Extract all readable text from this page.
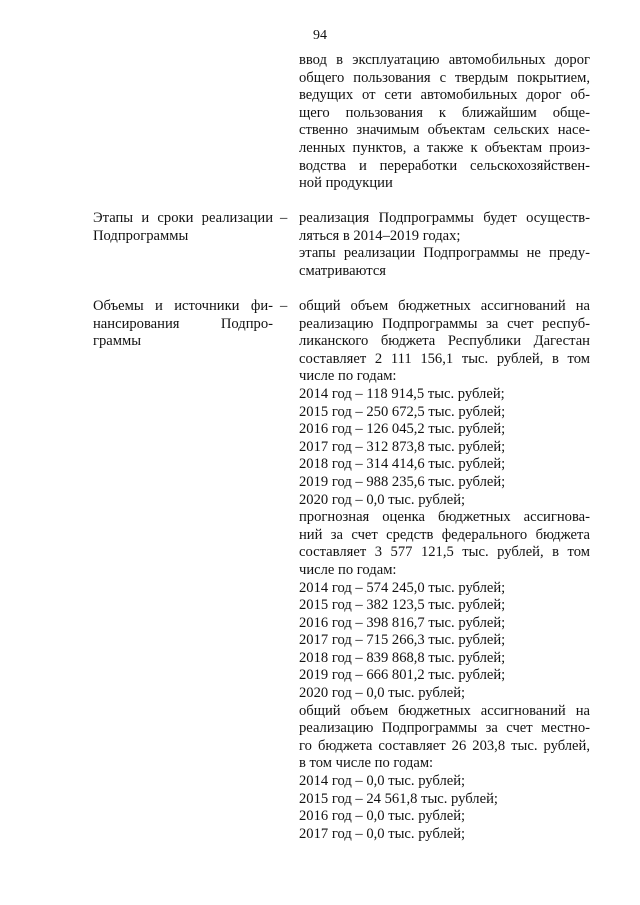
94
ввод в эксплуатацию автомобильных дорог
общего пользования с твердым покрытием,
ведущих от сети автомобильных дорог об-
щего пользования к ближайшим обще-
ственно значимым объектам сельских насе-
ленных пунктов, а также к объектам произ-
водства и переработки сельскохозяйствен-
ной продукции
Этапы и сроки реализации
Подпрограммы
– реализация Подпрограммы будет осуществ-
ляться в 2014–2019 годах;
этапы реализации Подпрограммы не преду-
сматриваются
Объемы и источники фи-
нансирования Подпро-
граммы
– общий объем бюджетных ассигнований на
реализацию Подпрограммы за счет респуб-
ликанского бюджета Республики Дагестан
составляет 2 111 156,1 тыс. рублей, в том
числе по годам:
2014 год – 118 914,5 тыс. рублей;
2015 год – 250 672,5 тыс. рублей;
2016 год – 126 045,2 тыс. рублей;
2017 год – 312 873,8 тыс. рублей;
2018 год – 314 414,6 тыс. рублей;
2019 год – 988 235,6 тыс. рублей;
2020 год – 0,0 тыс. рублей;
прогнозная оценка бюджетных ассигнова-
ний за счет средств федерального бюджета
составляет 3 577 121,5 тыс. рублей, в том
числе по годам:
2014 год – 574 245,0 тыс. рублей;
2015 год – 382 123,5 тыс. рублей;
2016 год – 398 816,7 тыс. рублей;
2017 год – 715 266,3 тыс. рублей;
2018 год – 839 868,8 тыс. рублей;
2019 год – 666 801,2 тыс. рублей;
2020 год – 0,0 тыс. рублей;
общий объем бюджетных ассигнований на
реализацию Подпрограммы за счет местно-
го бюджета составляет 26 203,8 тыс. рублей,
в том числе по годам:
2014 год – 0,0 тыс. рублей;
2015 год – 24 561,8 тыс. рублей;
2016 год – 0,0 тыс. рублей;
2017 год – 0,0 тыс. рублей;
